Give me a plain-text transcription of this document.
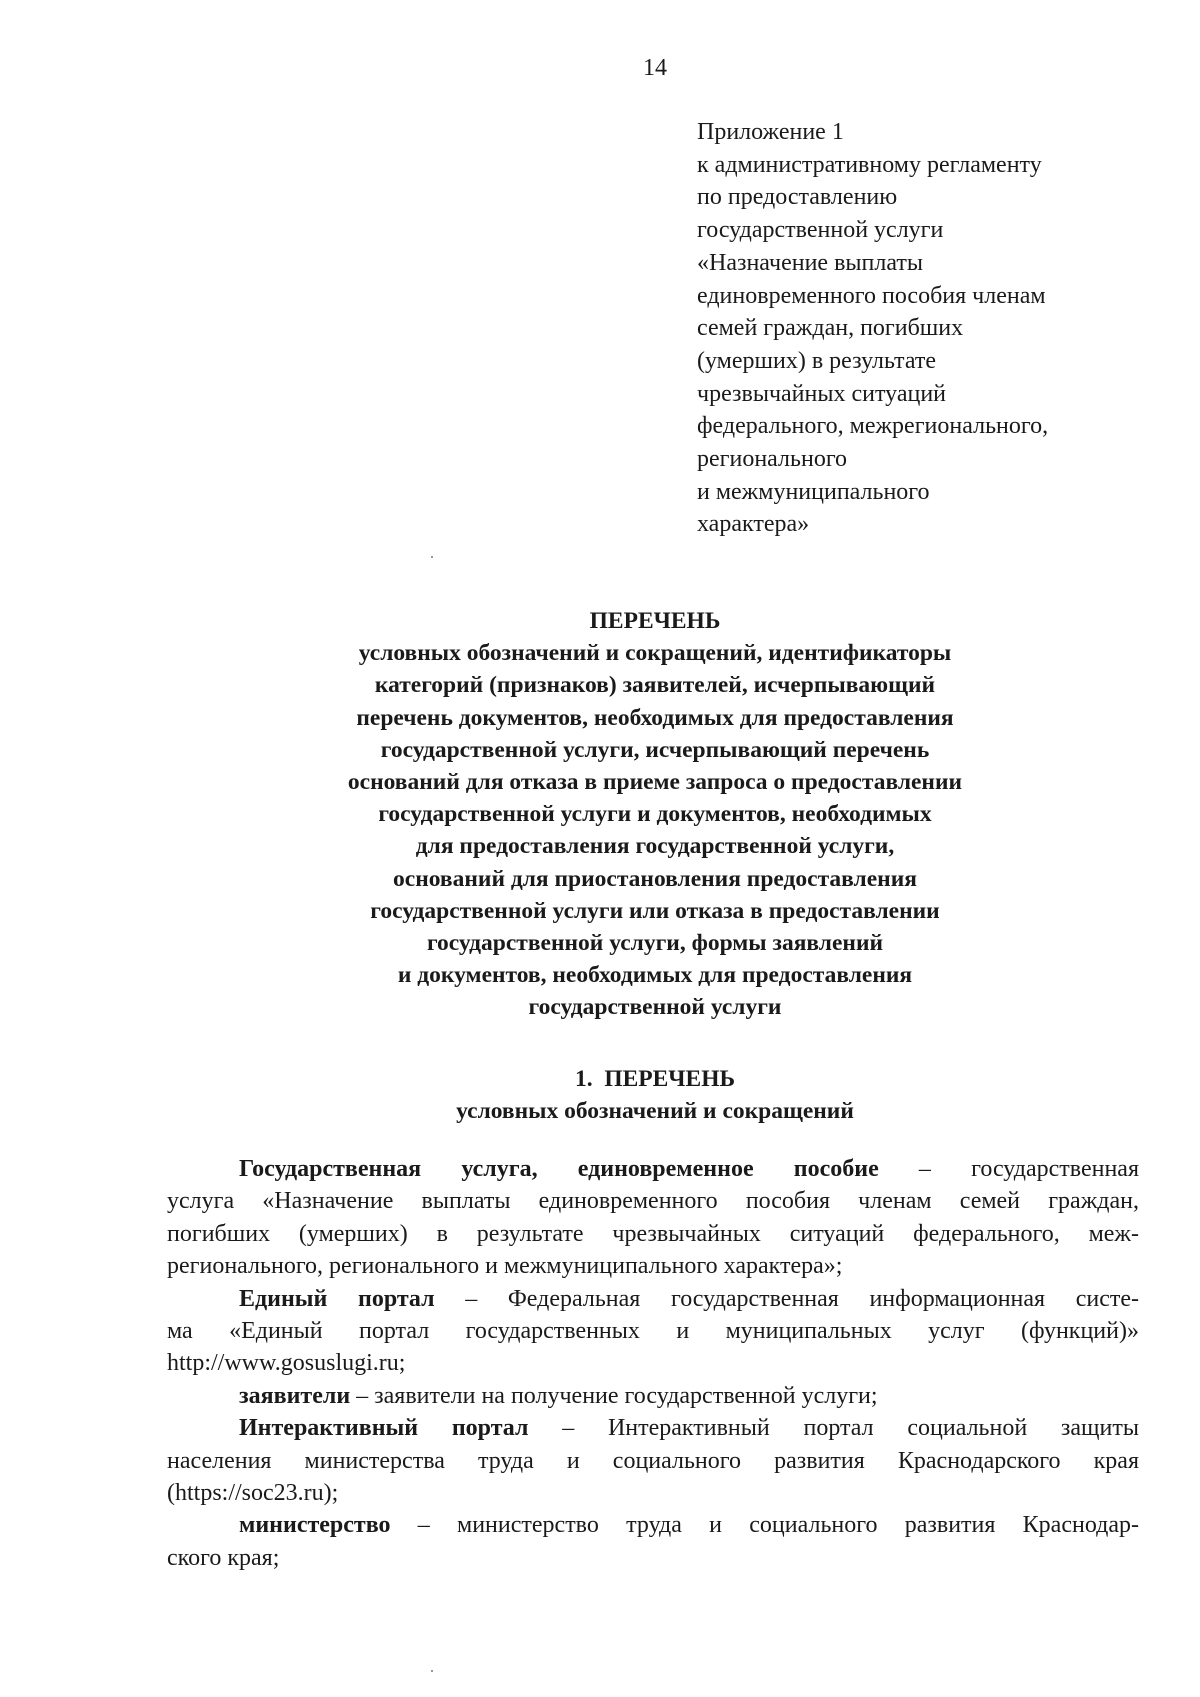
14
Приложение 1
к административному регламенту
по предоставлению
государственной услуги
«Назначение выплаты
единовременного пособия членам
семей граждан, погибших
(умерших) в результате
чрезвычайных ситуаций
федерального, межрегионального,
регионального
и межмуниципального
характера»
ПЕРЕЧЕНЬ
условных обозначений и сокращений, идентификаторы
категорий (признаков) заявителей, исчерпывающий
перечень документов, необходимых для предоставления
государственной услуги, исчерпывающий перечень
оснований для отказа в приеме запроса о предоставлении
государственной услуги и документов, необходимых
для предоставления государственной услуги,
оснований для приостановления предоставления
государственной услуги или отказа в предоставлении
государственной услуги, формы заявлений
и документов, необходимых для предоставления
государственной услуги
1.  ПЕРЕЧЕНЬ
условных обозначений и сокращений
Государственная услуга, единовременное пособие – государственная
услуга «Назначение выплаты единовременного пособия членам семей граждан,
погибших (умерших) в результате чрезвычайных ситуаций федерального, меж-
регионального, регионального и межмуниципального характера»;
Единый портал – Федеральная государственная информационная систе-
ма «Единый портал государственных и муниципальных услуг (функций)»
http://www.gosuslugi.ru;
заявители – заявители на получение государственной услуги;
Интерактивный портал – Интерактивный портал социальной защиты
населения министерства труда и социального развития Краснодарского края
(https://soc23.ru);
министерство – министерство труда и социального развития Краснодар-
ского края;
